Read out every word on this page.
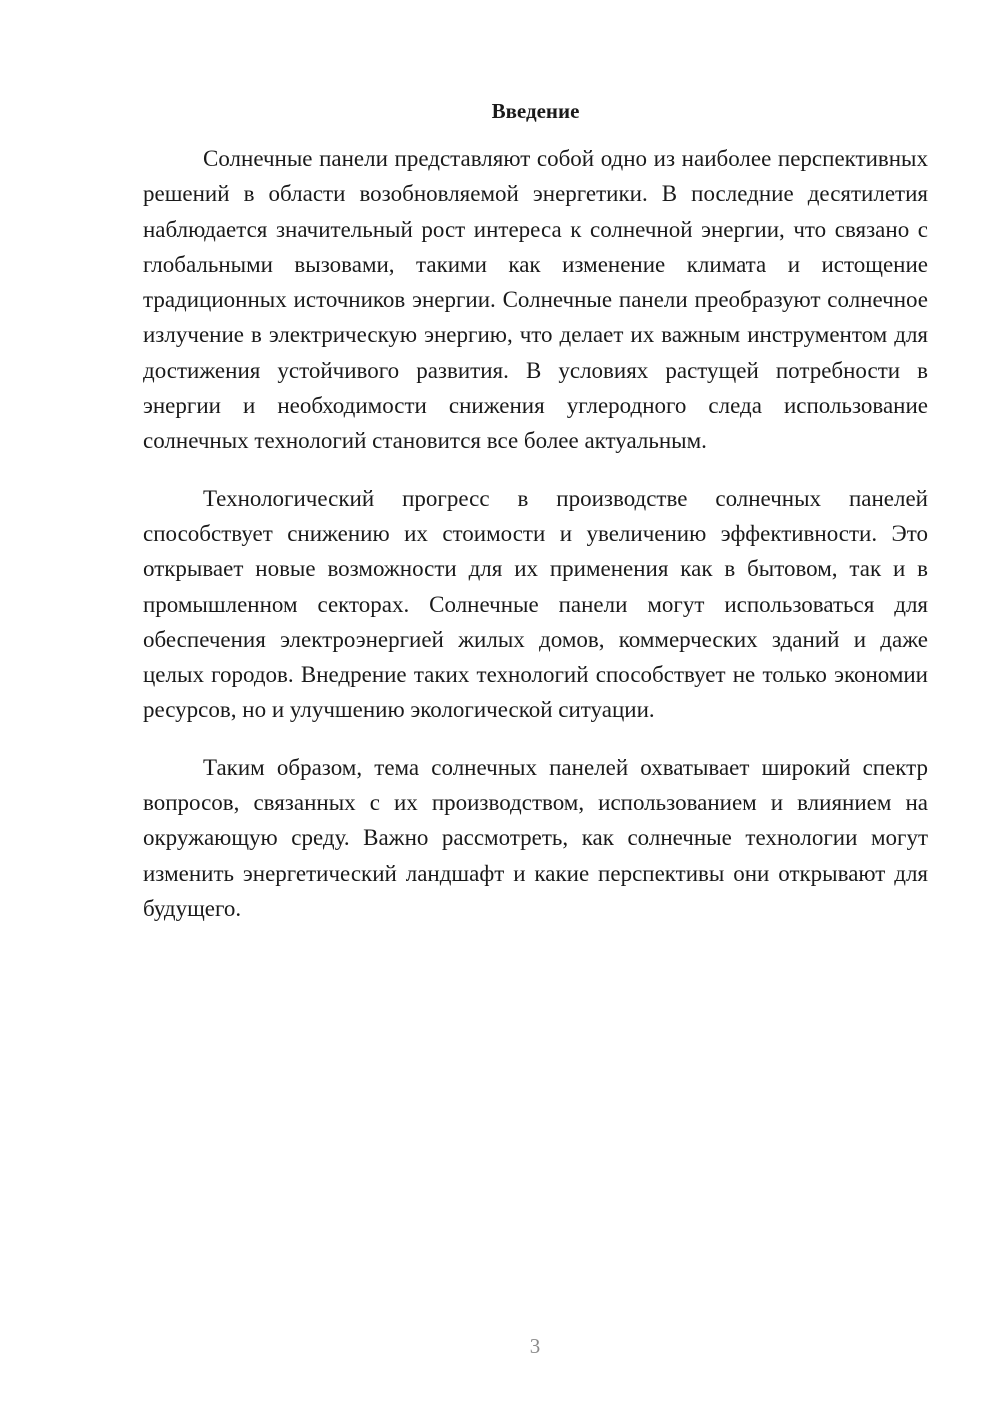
Введение

Солнечные панели представляют собой одно из наиболее перспективных решений в области возобновляемой энергетики. В последние десятилетия наблюдается значительный рост интереса к солнечной энергии, что связано с глобальными вызовами, такими как изменение климата и истощение традиционных источников энергии. Солнечные панели преобразуют солнечное излучение в электрическую энергию, что делает их важным инструментом для достижения устойчивого развития. В условиях растущей потребности в энергии и необходимости снижения углеродного следа использование солнечных технологий становится все более актуальным.

Технологический прогресс в производстве солнечных панелей способствует снижению их стоимости и увеличению эффективности. Это открывает новые возможности для их применения как в бытовом, так и в промышленном секторах. Солнечные панели могут использоваться для обеспечения электроэнергией жилых домов, коммерческих зданий и даже целых городов. Внедрение таких технологий способствует не только экономии ресурсов, но и улучшению экологической ситуации.

Таким образом, тема солнечных панелей охватывает широкий спектр вопросов, связанных с их производством, использованием и влиянием на окружающую среду. Важно рассмотреть, как солнечные технологии могут изменить энергетический ландшафт и какие перспективы они открывают для будущего.

3
